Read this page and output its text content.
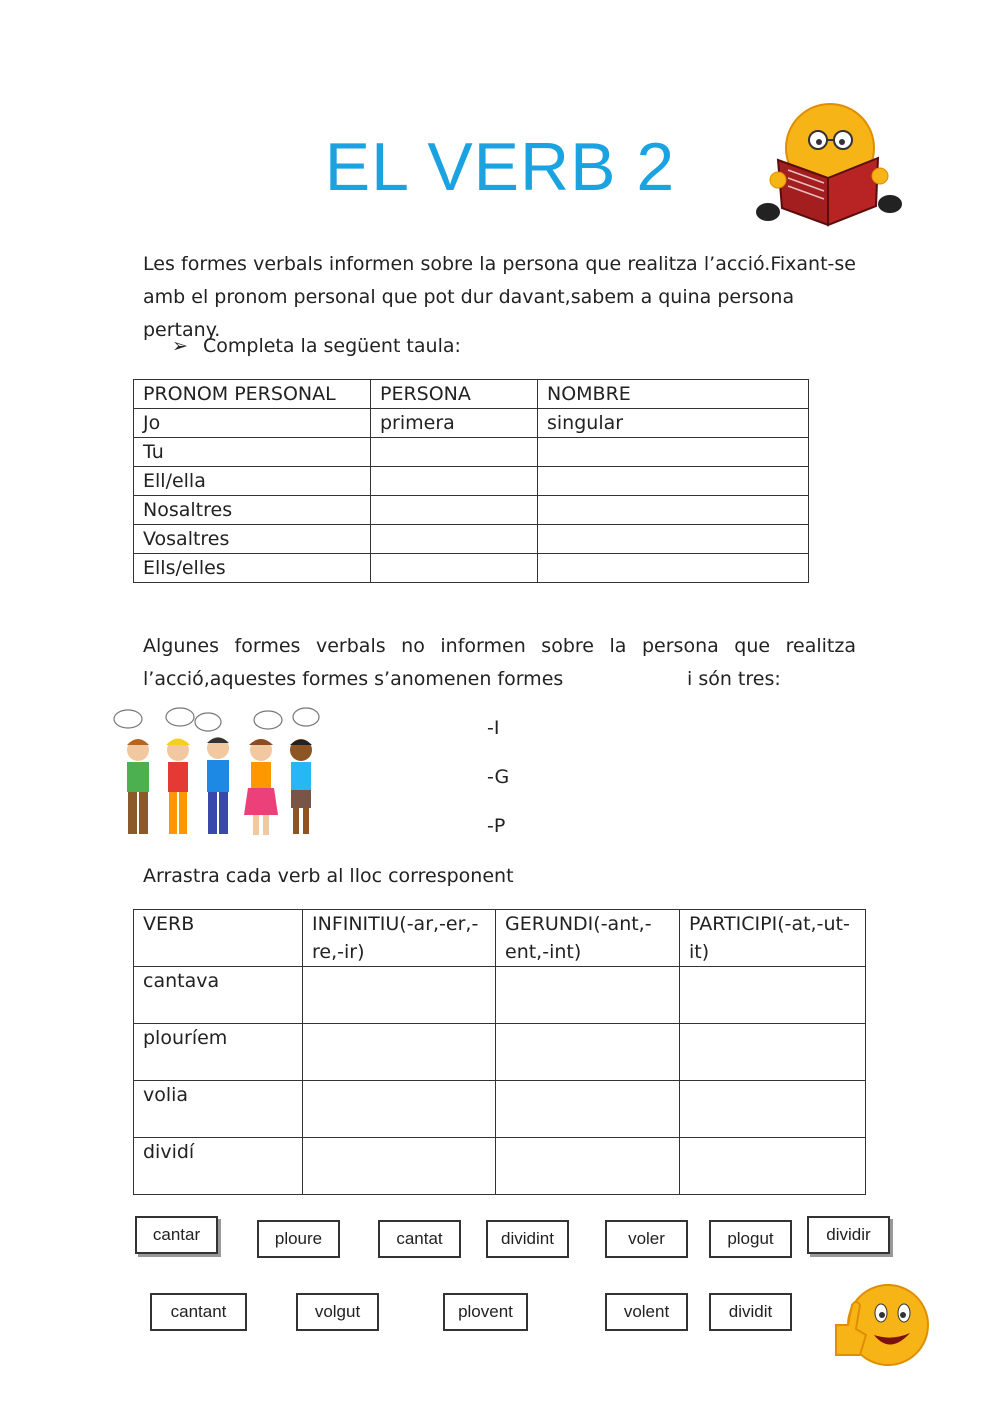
EL VERB 2
Les formes verbals informen sobre la persona que realitza l’acció.Fixant-se
amb el pronom personal que pot dur davant,sabem a quina persona pertany.
➢ Completa la següent taula:
PRONOM PERSONAL	PERSONA	NOMBRE
Jo	primera	singular
Tu		
Ell/ella		
Nosaltres		
Vosaltres		
Ells/elles		
Algunes formes verbals no informen sobre la persona que realitza
l’acció,aquestes formes s’anomenen formes	i són tres:
-I
-G
-P
Arrastra cada verb al lloc corresponent
VERB	INFINITIU(-ar,-er,-re,-ir)	GERUNDI(-ant,-ent,-int)	PARTICIPI(-at,-ut-it)
cantava			
plouríem			
volia			
dividí			
cantar	ploure	cantat	dividint	voler	plogut	dividir
cantant	volgut	plovent	volent	dividit
